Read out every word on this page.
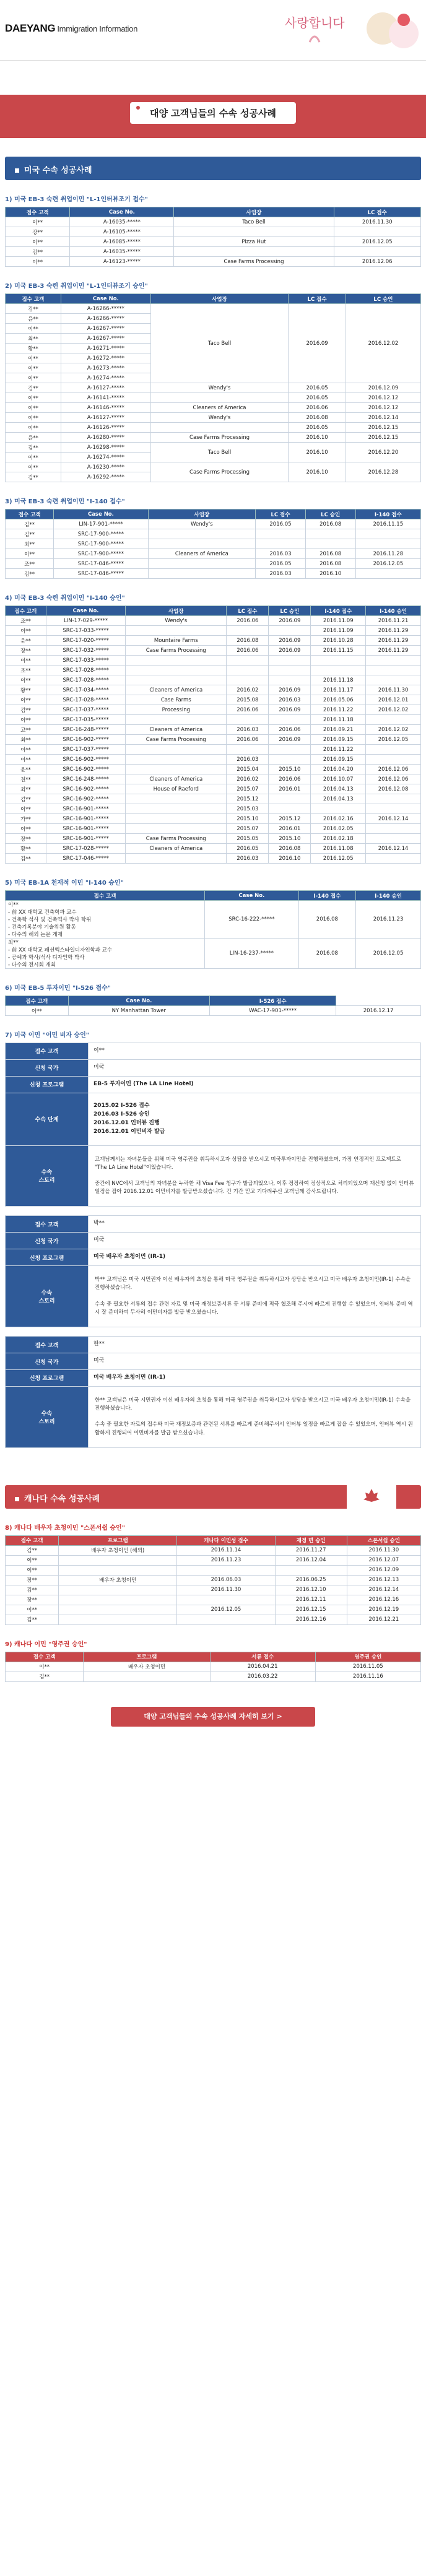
DAEYANG Immigration Information	사랑합니다
대양 고객님들의 수속 성공사례
미국 수속 성공사례
1) 미국 EB-3 숙련 취업이민 "L-1인터뷰조기 접수"
접수 고객	Case No.	사업장	LC 접수
이**	A-16035-*****	Taco Bell	2016.11.30
강**	A-16105-*****		
이**	A-16085-*****	Pizza Hut	2016.12.05
김**	A-16035-*****		
이**	A-16123-*****	Case Farms Processing	2016.12.06
2) 미국 EB-3 숙련 취업이민 "L-1인터뷰조기 승인"
접수 고객	Case No.	사업장	LC 접수	LC 승인
김**	A-16266-*****	Taco Bell	2016.09	2016.12.02
윤**	A-16266-*****			
이**	A-16267-*****			
최**	A-16267-*****			
황**	A-16271-*****			
이**	A-16272-*****			
이**	A-16273-*****			
이**	A-16274-*****			
김**	A-16127-*****	Wendy's	2016.05	2016.12.09
이**	A-16141-*****		2016.05	2016.12.12
이**	A-16146-*****	Cleaners of America	2016.06	2016.12.12
이**	A-16127-*****	Wendy's	2016.08	2016.12.14
이**	A-16126-*****		2016.05	2016.12.15
윤**	A-16280-*****	Case Farms Processing	2016.10	2016.12.15
김**	A-16298-*****	Taco Bell	2016.10	2016.12.20
이**	A-16274-*****			
이**	A-16230-*****	Case Farms Processing	2016.10	2016.12.28
김**	A-16292-*****			
3) 미국 EB-3 숙련 취업이민 "I-140 접수"
접수 고객	Case No.	사업장	LC 접수	LC 승인	I-140 접수
김**	LIN-17-901-*****	Wendy's	2016.05	2016.08	2016.11.15
김**	SRC-17-900-*****				
최**	SRC-17-900-*****				
이**	SRC-17-900-*****	Cleaners of America	2016.03	2016.08	2016.11.28
조**	SRC-17-046-*****		2016.05	2016.08	2016.12.05
김**	SRC-17-046-*****		2016.03	2016.10	
4) 미국 EB-3 숙련 취업이민 "I-140 승인"
접수 고객	Case No.	사업장	LC 접수	LC 승인	I-140 접수	I-140 승인
조**	LIN-17-029-*****	Wendy's	2016.06	2016.09	2016.11.09	2016.11.21
이**	SRC-17-033-*****				2016.11.09	2016.11.29
윤**	SRC-17-020-*****	Mountaire Farms	2016.08	2016.09	2016.10.28	2016.11.29
장**	SRC-17-032-*****	Case Farms Processing	2016.06	2016.09	2016.11.15	2016.11.29
이**	SRC-17-033-*****					
조**	SRC-17-028-*****					
이**	SRC-17-028-*****				2016.11.18	
황**	SRC-17-034-*****	Cleaners of America	2016.02	2016.09	2016.11.17	2016.11.30
이**	SRC-17-028-*****	Case Farms	2015.08	2016.03	2016.05.06	2016.12.01
김**	SRC-17-037-*****	Processing	2016.06	2016.09	2016.11.22	2016.12.02
이**	SRC-17-035-*****				2016.11.18	
고**	SRC-16-248-*****	Cleaners of America	2016.03	2016.06	2016.09.21	2016.12.02
최**	SRC-16-902-*****	Case Farms Processing	2016.06	2016.09	2016.09.15	2016.12.05
이**	SRC-17-037-*****				2016.11.22	
이**	SRC-16-902-*****		2016.03		2016.09.15	
윤**	SRC-16-902-*****		2015.04	2015.10	2016.04.20	2016.12.06
천**	SRC-16-248-*****	Cleaners of America	2016.02	2016.06	2016.10.07	2016.12.06
최**	SRC-16-902-*****	House of Raeford	2015.07	2016.01	2016.04.13	2016.12.08
김**	SRC-16-902-*****		2015.12		2016.04.13	
이**	SRC-16-901-*****		2015.03			
가**	SRC-16-901-*****		2015.10	2015.12	2016.02.16	2016.12.14
이**	SRC-16-901-*****		2015.07	2016.01	2016.02.05	
장**	SRC-16-901-*****	Case Farms Processing	2015.05	2015.10	2016.02.18	
황**	SRC-17-028-*****	Cleaners of America	2016.05	2016.08	2016.11.08	2016.12.14
김**	SRC-17-046-*****		2016.03	2016.10	2016.12.05	
5) 미국 EB-1A 천재적 이민 "I-140 승인"
접수 고객	Case No.	I-140 접수	I-140 승인
이**
- 前 XX 대학교 건축학과 교수
- 건축학 석사 및 건축역사 박사 학위
- 건축기록분야 기술위원 활동
- 다수의 해외 논문 게재	SRC-16-222-*****	2016.08	2016.11.23
최**
- 前 XX 대학교 패션엑스타일디자인학과 교수
- 공예과 학사/석사 디자인학 박사
- 다수의 전시회 개최	LIN-16-237-*****	2016.08	2016.12.05
6) 미국 EB-5 투자이민 "I-526 접수"
접수 고객	Case No.	I-526 접수	
이**	NY Manhattan Tower	WAC-17-901-*****	2016.12.17
7) 미국 이민 "이민 비자 승인"
접수 고객	이**
신청 국가	미국
신청 프로그램	EB-5 투자이민 (The LA Line Hotel)
수속 단계	2015.02 I-526 접수
2016.03 I-526 승인
2016.12.01 인터뷰 진행
2016.12.01 이민비자 발급

수속
스토리	고객님께서는 자녀분들을 위해 미국 영주권을 취득하시고자 상담을 받으시고 미국투자이민을 진행하셨으며, 가장 안정적인 프로젝트로 "The LA Line Hotel"이었습니다.

중간에 NVC에서 고객님의 자녀분을 누락한 채 Visa Fee 청구가 발급되었으나, 이후 정정하여 정상적으로 처리되었으며 재신청 없이 인터뷰 일정을 잡아 2016.12.01 이민비자를 발급받으셨습니다. 긴 기간 믿고 기다려주신 고객님께 감사드립니다.
접수 고객	박**
신청 국가	미국
신청 프로그램	미국 배우자 초청이민 (IR-1)
수속
스토리	박** 고객님은 미국 시민권자 이신 배우자의 초청을 통해 미국 영주권을 취득하시고자 상담을 받으시고 미국 배우자 초청이민(IR-1) 수속을 진행하셨습니다.

수속 중 필요한 서류의 접수 관련 자료 및 미국 재정보증서류 등 서류 준비에 적극 협조해 주시어 빠르게 진행할 수 있었으며, 인터뷰 준비 역시 잘 준비하여 무사히 이민비자를 발급 받으셨습니다.
접수 고객	한**
신청 국가	미국
신청 프로그램	미국 배우자 초청이민 (IR-1)
수속
스토리	한** 고객님은 미국 시민권자 이신 배우자의 초청을 통해 미국 영주권을 취득하시고자 상담을 받으시고 미국 배우자 초청이민(IR-1) 수속을 진행하셨습니다.

수속 중 필요한 자료의 접수와 미국 재정보증과 관련된 서류를 빠르게 준비해주셔서 인터뷰 일정을 빠르게 잡을 수 있었으며, 인터뷰 역시 원활하게 진행되어 이민비자를 발급 받으셨습니다.
캐나다 수속 성공사례
8) 캐나다 배우자 초청이민 "스폰서쉽 승인"
접수 고객	프로그램	캐나다 이민성 접수	재정 면 승인	스폰서쉽 승인
김**	배우자 초청이민 (해외)	2016.11.14	2016.11.27	2016.11.30
이**		2016.11.23	2016.12.04	2016.12.07
이**				2016.12.09
장**	배우자 초청이민	2016.06.03	2016.06.25	2016.12.13
김**		2016.11.30	2016.12.10	2016.12.14
장**			2016.12.11	2016.12.16
이**		2016.12.05	2016.12.15	2016.12.19
김**			2016.12.16	2016.12.21
9) 캐나다 이민 "영주권 승인"
접수 고객	프로그램	서류 접수	영주권 승인
이**	배우자 초청이민	2016.04.21	2016.11.05
김**		2016.03.22	2016.11.16
대양 고객님들의 수속 성공사례 자세히 보기 >
